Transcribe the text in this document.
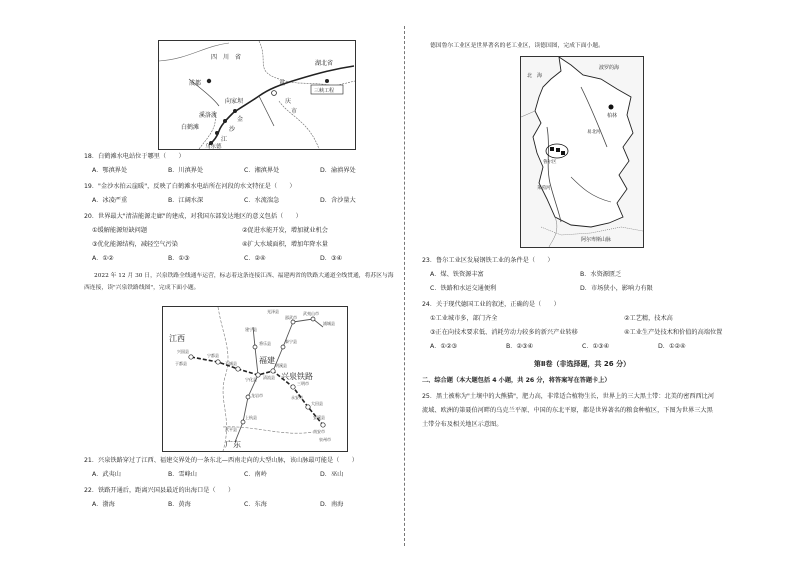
四　川　省
成都	重
庆
市
湖北省
三峡工程
向家坝
溪洛渡
白鹤滩
金
沙
江
乌东德
18．白鹤滩水电站位于哪里（　　）
A．鄂滇界处	B．川滇界处	C．湘滇界处	D．渝滇界处
19．"金沙水拍云崖暖"，反映了白鹤滩水电站所在河段的水文特征是（　　）
A．冰凌严重	B．江阔水深	C．水流湍急	D．含沙量大
20．世界最大"清洁能源走廊"的建成，对我国东部发达地区的意义包括（　　）
①缓解能源短缺问题	②促进水能开发，增加就业机会
③优化能源结构，减轻空气污染	④扩大水域面积，增加年降水量
A．①②	B．①③	C．②④	D．③④
2022 年 12 月 30 日，兴泉铁路全线通车运营，标志着这条连接江西、福建两省的铁路大通道全线贯通，将苏区与海
西连接，读"兴泉铁路线图"，完成下面小题。
兴国县
于都县
宁都县
石城县
宁化县 清流县
明溪县
三明市
永安市
大田县
安溪县
南安市
泉州市
龙岩市
上杭县
武平县
将乐县
建宁县
泰宁县
邵武市
武夷山市
浦城县
光泽县
江西
福建
兴泉铁路
广东
21．兴泉铁路穿过了江西、福建交界处的一条东北—西南走向的大型山脉，该山脉最可能是（　　）
A．武夷山	B．雪峰山	C．南岭	D．巫山
22．铁路开通后，距离兴国县最近的出海口是（　　）
A．渤海	B．黄海	C．东海	D．南海
德国鲁尔工业区是世界著名的老工业区，读德国图，完成下面小题。
北　海
波罗的海
柏林
鲁尔区
莱茵河
易北河
阿尔卑斯山脉
23．鲁尔工业区发展钢铁工业的条件是（　　）
A．煤、铁资源丰富	B．水资源匮乏
C．铁路和水运交通便利	D．市场狭小，影响力有限
24．关于现代德国工业的叙述，正确的是（　　）
①工业城市多，部门齐全	②工艺精，技术高
③正在向技术要求低、消耗劳动力较多的新兴产业转移	④工业生产处技术和价值的高端位置
A．①②③	B．②③④	C．①③④	D．①②④
第Ⅱ卷（非选择题，共 26 分）
二、综合题（本大题包括 4 小题，共 26 分，将答案写在答题卡上）
25．黑土被称为"土壤中的大熊猫"，肥力高，非常适合植物生长，世界上的三大黑土带：北美的密西西比河
流域、欧洲的第聂伯河畔的乌克兰平原、中国的东北平原，都是世界著名的粮食种植区，下图为世界三大黑
土带分布及相关地区示意图。
